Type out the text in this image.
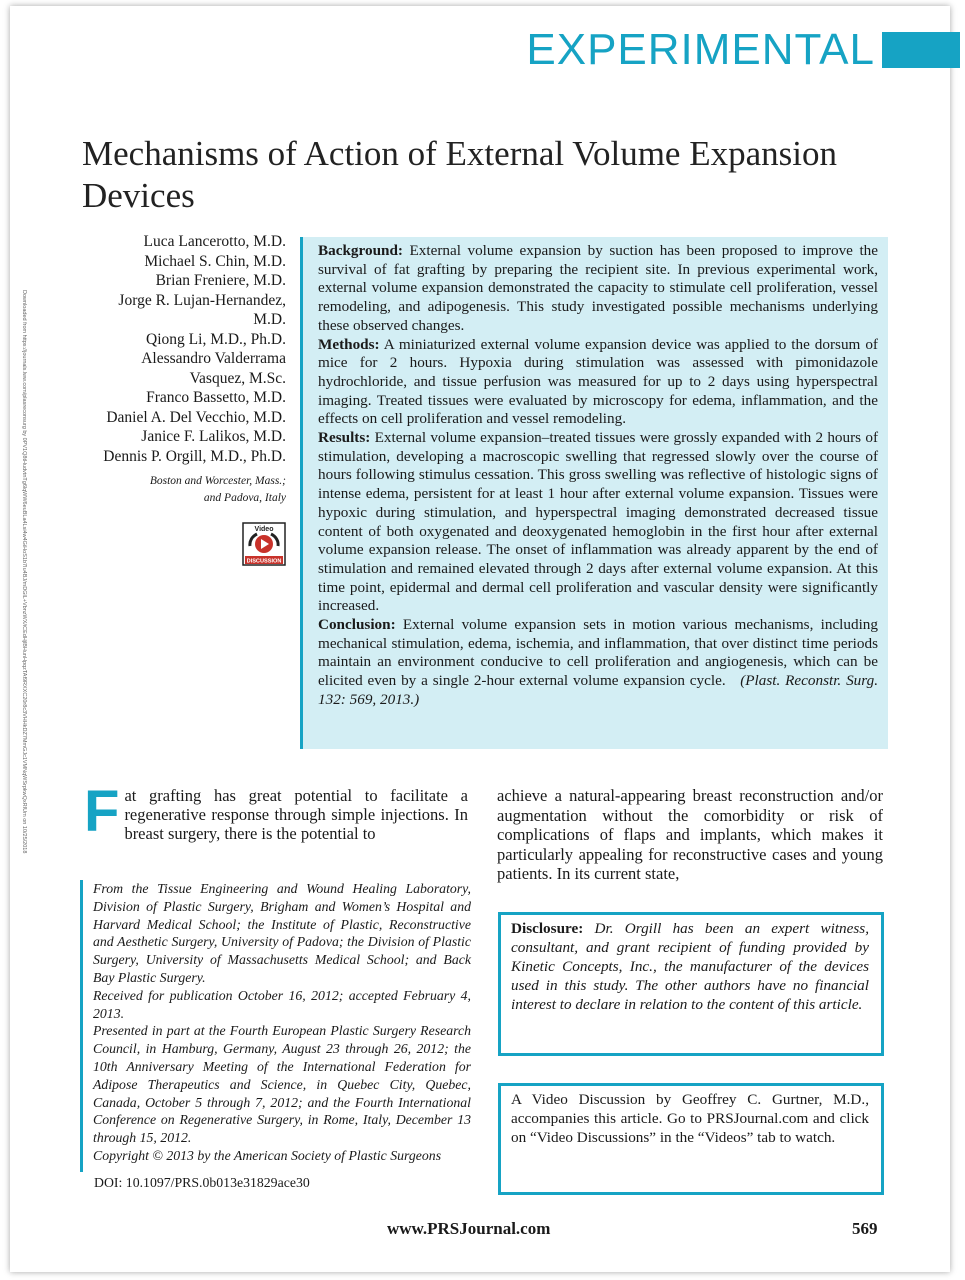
EXPERIMENTAL
Mechanisms of Action of External Volume Expansion Devices
Luca Lancerotto, M.D.
Michael S. Chin, M.D.
Brian Freniere, M.D.
Jorge R. Lujan-Hernandez, M.D.
Qiong Li, M.D., Ph.D.
Alessandro Valderrama Vasquez, M.Sc.
Franco Bassetto, M.D.
Daniel A. Del Vecchio, M.D.
Janice F. Lalikos, M.D.
Dennis P. Orgill, M.D., Ph.D.
Boston and Worcester, Mass.;
and Padova, Italy
Video
DISCUSSION
Downloaded from https://journals.lww.com/plasreconsurg by 0PV1Q8tHudvtnTg6lqWW6euBLa4Lsi4w4GiHoS1b7Iu4BJ/mDGlL+VbnzWX/iCEdHjlBHunHpqzTAf9RXXC20r8c3VHHkDZ7MmGJc1VMNqWSrpkwQxRIUm on 10/25/2018

Background: External volume expansion by suction has been proposed to improve the survival of fat grafting by preparing the recipient site. In previous experimental work, external volume expansion demonstrated the capacity to stimulate cell proliferation, vessel remodeling, and adipogenesis. This study investigated possible mechanisms underlying these observed changes.

Methods: A miniaturized external volume expansion device was applied to the dorsum of mice for 2 hours. Hypoxia during stimulation was assessed with pimonidazole hydrochloride, and tissue perfusion was measured for up to 2 days using hyperspectral imaging. Treated tissues were evaluated by microscopy for edema, inflammation, and the effects on cell proliferation and vessel remodeling.

Results: External volume expansion–treated tissues were grossly expanded with 2 hours of stimulation, developing a macroscopic swelling that regressed slowly over the course of hours following stimulus cessation. This gross swelling was reflective of histologic signs of intense edema, persistent for at least 1 hour after external volume expansion. Tissues were hypoxic during stimulation, and hyperspectral imaging demonstrated decreased tissue content of both oxygenated and deoxygenated hemoglobin in the first hour after external volume expansion release. The onset of inflammation was already apparent by the end of stimulation and remained elevated through 2 days after external volume expansion. At this time point, epidermal and dermal cell proliferation and vascular density were significantly increased.

Conclusion: External volume expansion sets in motion various mechanisms, including mechanical stimulation, edema, ischemia, and inflammation, that over distinct time periods maintain an environment conducive to cell proliferation and angiogenesis, which can be elicited even by a single 2-hour external volume expansion cycle. (Plast. Reconstr. Surg. 132: 569, 2013.)

Fat grafting has great potential to facilitate a regenerative response through simple injections. In breast surgery, there is the potential to
achieve a natural-appearing breast reconstruction and/or augmentation without the comorbidity or risk of complications of flaps and implants, which makes it particularly appealing for reconstructive cases and young patients. In its current state,

From the Tissue Engineering and Wound Healing Laboratory, Division of Plastic Surgery, Brigham and Women’s Hospital and Harvard Medical School; the Institute of Plastic, Reconstructive and Aesthetic Surgery, University of Padova; the Division of Plastic Surgery, University of Massachusetts Medical School; and Back Bay Plastic Surgery.

Received for publication October 16, 2012; accepted February 4, 2013.

Presented in part at the Fourth European Plastic Surgery Research Council, in Hamburg, Germany, August 23 through 26, 2012; the 10th Anniversary Meeting of the International Federation for Adipose Therapeutics and Science, in Quebec City, Quebec, Canada, October 5 through 7, 2012; and the Fourth International Conference on Regenerative Surgery, in Rome, Italy, December 13 through 15, 2012.

Copyright © 2013 by the American Society of Plastic Surgeons

DOI: 10.1097/PRS.0b013e31829ace30
Disclosure: Dr. Orgill has been an expert witness, consultant, and grant recipient of funding provided by Kinetic Concepts, Inc., the manufacturer of the devices used in this study. The other authors have no financial interest to declare in relation to the content of this article.
A Video Discussion by Geoffrey C. Gurtner, M.D., accompanies this article. Go to PRSJournal.com and click on “Video Discussions” in the “Videos” tab to watch.
www.PRSJournal.com	569
